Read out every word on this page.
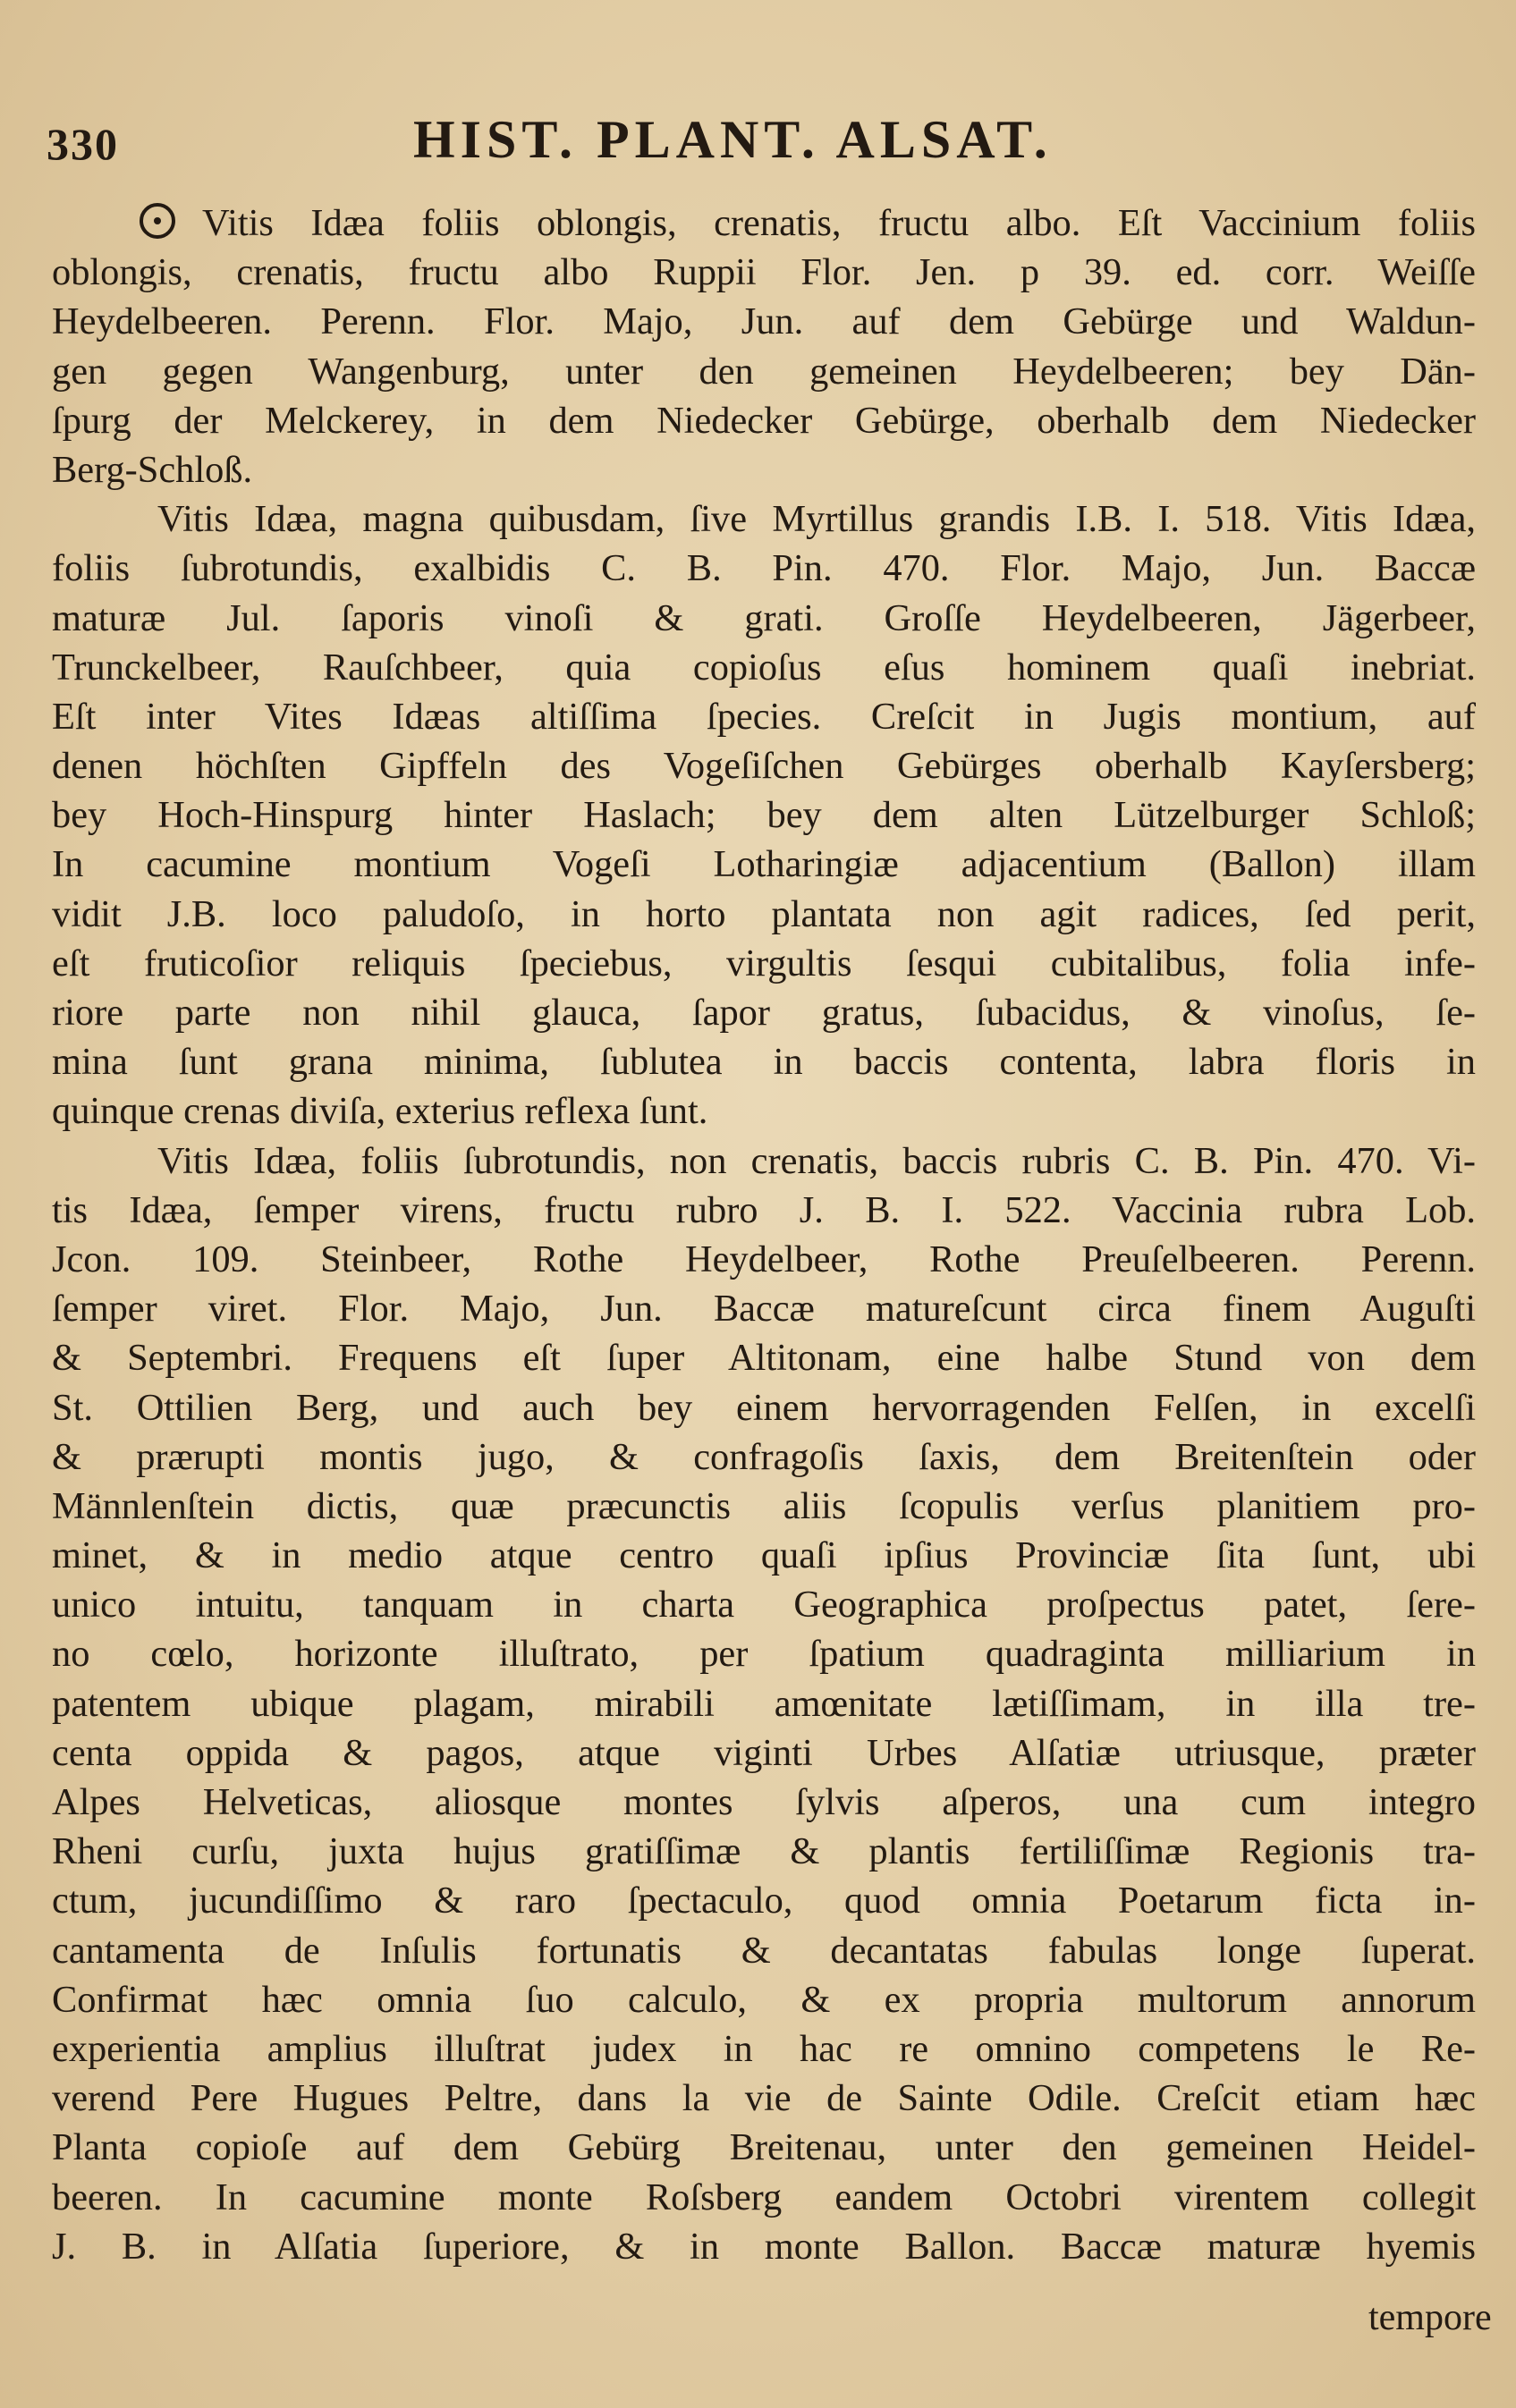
330	HIST. PLANT. ALSAT.
Vitis Idæa foliis oblongis, crenatis, fructu albo. Eſt Vaccinium foliis
oblongis, crenatis, fructu albo Ruppii Flor. Jen. p 39. ed. corr. Weiſſe
Heydelbeeren. Perenn. Flor. Majo, Jun. auf dem Gebürge und Waldun-
gen gegen Wangenburg, unter den gemeinen Heydelbeeren; bey Dän-
ſpurg der Melckerey, in dem Niedecker Gebürge, oberhalb dem Niedecker
Berg-Schloß.
Vitis Idæa, magna quibusdam, ſive Myrtillus grandis I.B. I. 518. Vitis Idæa,
foliis ſubrotundis, exalbidis C. B. Pin. 470. Flor. Majo, Jun. Baccæ
maturæ Jul. ſaporis vinoſi & grati. Groſſe Heydelbeeren, Jägerbeer,
Trunckelbeer, Rauſchbeer, quia copioſus eſus hominem quaſi inebriat.
Eſt inter Vites Idæas altiſſima ſpecies. Creſcit in Jugis montium, auf
denen höchſten Gipffeln des Vogeſiſchen Gebürges oberhalb Kayſersberg;
bey Hoch-Hinspurg hinter Haslach; bey dem alten Lützelburger Schloß;
In cacumine montium Vogeſi Lotharingiæ adjacentium (Ballon) illam
vidit J.B. loco paludoſo, in horto plantata non agit radices, ſed perit,
eſt fruticoſior reliquis ſpeciebus, virgultis ſesqui cubitalibus, folia infe-
riore parte non nihil glauca, ſapor gratus, ſubacidus, & vinoſus, ſe-
mina ſunt grana minima, ſublutea in baccis contenta, labra floris in
quinque crenas diviſa, exterius reflexa ſunt.
Vitis Idæa, foliis ſubrotundis, non crenatis, baccis rubris C. B. Pin. 470. Vi-
tis Idæa, ſemper virens, fructu rubro J. B. I. 522. Vaccinia rubra Lob.
Jcon. 109. Steinbeer, Rothe Heydelbeer, Rothe Preuſelbeeren. Perenn.
ſemper viret. Flor. Majo, Jun. Baccæ matureſcunt circa finem Auguſti
& Septembri. Frequens eſt ſuper Altitonam, eine halbe Stund von dem
St. Ottilien Berg, und auch bey einem hervorragenden Felſen, in excelſi
& prærupti montis jugo, & confragoſis ſaxis, dem Breitenſtein oder
Männlenſtein dictis, quæ præcunctis aliis ſcopulis verſus planitiem pro-
minet, & in medio atque centro quaſi ipſius Provinciæ ſita ſunt, ubi
unico intuitu, tanquam in charta Geographica proſpectus patet, ſere-
no cœlo, horizonte illuſtrato, per ſpatium quadraginta milliarium in
patentem ubique plagam, mirabili amœnitate lætiſſimam, in illa tre-
centa oppida & pagos, atque viginti Urbes Alſatiæ utriusque, præter
Alpes Helveticas, aliosque montes ſylvis aſperos, una cum integro
Rheni curſu, juxta hujus gratiſſimæ & plantis fertiliſſimæ Regionis tra-
ctum, jucundiſſimo & raro ſpectaculo, quod omnia Poetarum ficta in-
cantamenta de Inſulis fortunatis & decantatas fabulas longe ſuperat.
Confirmat hæc omnia ſuo calculo, & ex propria multorum annorum
experientia amplius illuſtrat judex in hac re omnino competens le Re-
verend Pere Hugues Peltre, dans la vie de Sainte Odile. Creſcit etiam hæc
Planta copioſe auf dem Gebürg Breitenau, unter den gemeinen Heidel-
beeren. In cacumine monte Roſsberg eandem Octobri virentem collegit
J. B. in Alſatia ſuperiore, & in monte Ballon. Baccæ maturæ hyemis
tempore
